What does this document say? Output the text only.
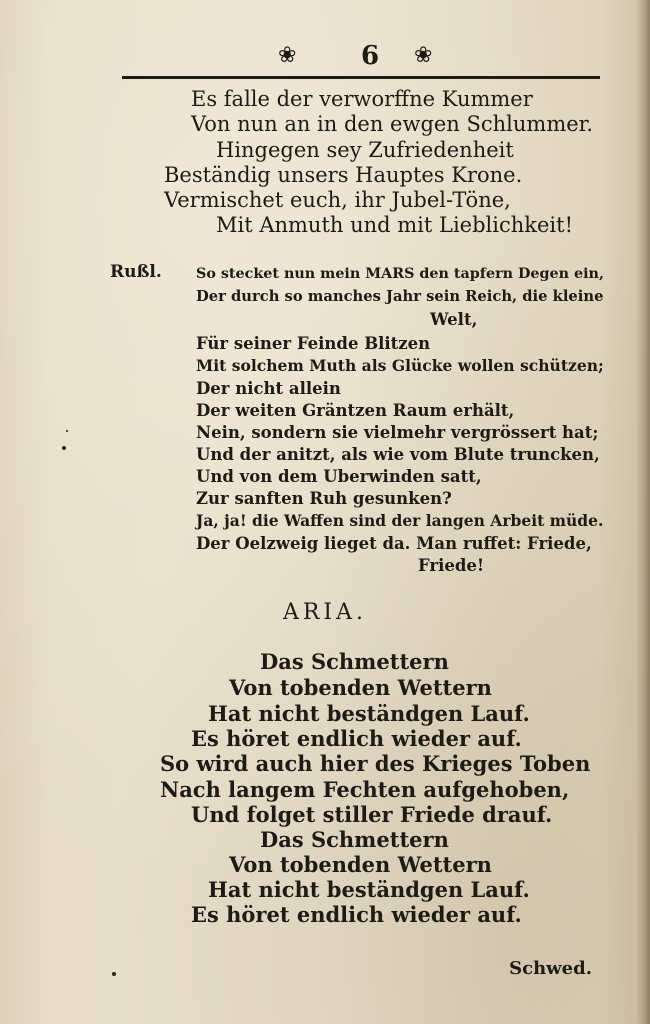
❀	6	❀
Es falle der verworffne Kummer
Von nun an in den ewgen Schlummer.
Hingegen sey Zufriedenheit
Beständig unsers Hauptes Krone.
Vermischet euch, ihr Jubel-Töne,
Mit Anmuth und mit Lieblichkeit!
Rußl. So stecket nun mein MARS den tapfern Degen ein,
Der durch so manches Jahr sein Reich, die kleine
Welt,
Für seiner Feinde Blitzen
Mit solchem Muth als Glücke wollen schützen;
Der nicht allein
Der weiten Gräntzen Raum erhält,
Nein, sondern sie vielmehr vergrössert hat;
Und der anitzt, als wie vom Blute truncken,
Und von dem Uberwinden satt,
Zur sanften Ruh gesunken?
Ja, ja! die Waffen sind der langen Arbeit müde.
Der Oelzweig lieget da. Man ruffet: Friede,
Friede!
ARIA.
Das Schmettern
Von tobenden Wettern
Hat nicht beständgen Lauf.
Es höret endlich wieder auf.
So wird auch hier des Krieges Toben
Nach langem Fechten aufgehoben,
Und folget stiller Friede drauf.
Das Schmettern
Von tobenden Wettern
Hat nicht beständgen Lauf.
Es höret endlich wieder auf.
Schwed.
